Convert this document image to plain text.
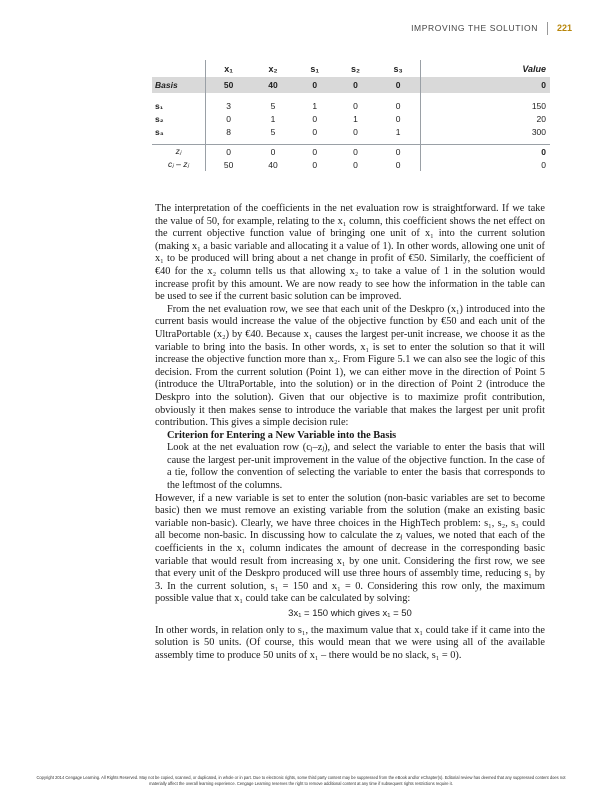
IMPROVING THE SOLUTION 221
	x₁	x₂	s₁	s₂	s₃	Value
Basis	50	40	0	0	0	0

s₁	3	5	1	0	0	150
s₂	0	1	0	1	0	20
s₃	8	5	0	0	1	300

zⱼ	0	0	0	0	0	0
cⱼ – zⱼ	50	40	0	0	0	0

The interpretation of the coefficients in the net evaluation row is straightforward. If we take the value of 50, for example, relating to the x₁ column, this coefficient shows the net effect on the current objective function value of bringing one unit of x₁ into the current solution (making x₁ a basic variable and allocating it a value of 1). In other words, allowing one unit of x₁ to be produced will bring about a net change in profit of €50. Similarly, the coefficient of €40 for the x₂ column tells us that allowing x₂ to take a value of 1 in the solution would increase profit by this amount. We are now ready to see how the information in the table can be used to see if the current basic solution can be improved.

From the net evaluation row, we see that each unit of the Deskpro (x₁) introduced into the current basis would increase the value of the objective function by €50 and each unit of the UltraPortable (x₂) by €40. Because x₁ causes the largest per-unit increase, we choose it as the variable to bring into the basis. In other words, x₁ is set to enter the solution so that it will increase the objective function more than x₂. From Figure 5.1 we can also see the logic of this decision. From the current solution (Point 1), we can either move in the direction of Point 5 (introduce the UltraPortable, into the solution) or in the direction of Point 2 (introduce the Deskpro into the solution). Given that our objective is to maximize profit contribution, obviously it then makes sense to introduce the variable that makes the largest per unit profit contribution. This gives a simple decision rule:

Criterion for Entering a New Variable into the Basis
Look at the net evaluation row (cⱼ–zⱼ), and select the variable to enter the basis that will cause the largest per-unit improvement in the value of the objective function. In the case of a tie, follow the convention of selecting the variable to enter the basis that corresponds to the leftmost of the columns.

However, if a new variable is set to enter the solution (non-basic variables are set to become basic) then we must remove an existing variable from the solution (make an existing basic variable non-basic). Clearly, we have three choices in the HighTech problem: s₁, s₂, s₃ could all become non-basic. In discussing how to calculate the zⱼ values, we noted that each of the coefficients in the x₁ column indicates the amount of decrease in the corresponding basic variable that would result from increasing x₁ by one unit. Considering the first row, we see that every unit of the Deskpro produced will use three hours of assembly time, reducing s₁ by 3. In the current solution, s₁ = 150 and x₁ = 0. Considering this row only, the maximum possible value that x₁ could take can be calculated by solving:

3x₁ = 150 which gives x₁ = 50

In other words, in relation only to s₁, the maximum value that x₁ could take if it came into the solution is 50 units. (Of course, this would mean that we were using all of the available assembly time to produce 50 units of x₁ – there would be no slack, s₁ = 0).

Copyright 2014 Cengage Learning. All Rights Reserved. May not be copied, scanned, or duplicated, in whole or in part. Due to electronic rights, some third party content may be suppressed from the eBook and/or eChapter(s). Editorial review has deemed that any suppressed content does not materially affect the overall learning experience. Cengage Learning reserves the right to remove additional content at any time if subsequent rights restrictions require it.
